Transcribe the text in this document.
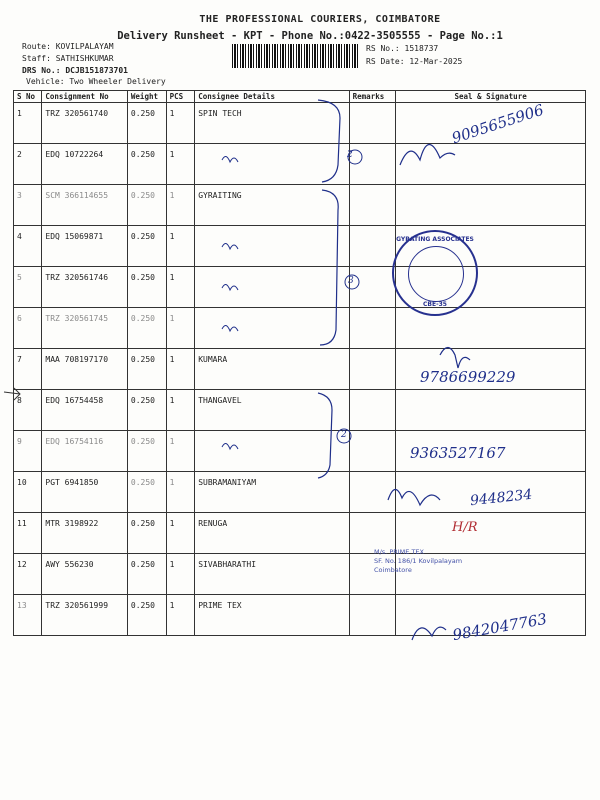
THE PROFESSIONAL COURIERS, COIMBATORE
Delivery Runsheet - KPT - Phone No.:0422-3505555 - Page No.:1
Route: KOVILPALAYAM
Staff: SATHISHKUMAR
DRS No.: DCJB151873701
Vehicle: Two Wheeler Delivery
RS No.: 1518737
RS Date: 12-Mar-2025
S No	Consignment No	Weight	PCS	Consignee Details	Remarks	Seal & Signature
1	TRZ 320561740	0.250	1	SPIN TECH		
2	EDQ 10722264	0.250	1			
3	SCM 366114655	0.250	1	GYRAITING		
4	EDQ 15069871	0.250	1			
5	TRZ 320561746	0.250	1			
6	TRZ 320561745	0.250	1			
7	MAA 708197170	0.250	1	KUMARA		
8	EDQ 16754458	0.250	1	THANGAVEL		
9	EDQ 16754116	0.250	1			
10	PGT 6941850	0.250	1	SUBRAMANIYAM		
11	MTR 3198922	0.250	1	RENUGA		
12	AWY 556230	0.250	1	SIVABHARATHI		
13	TRZ 320561999	0.250	1	PRIME TEX		
9095655906
2
3
2
9786699229
9363527167
9448234
H/R
9842047763
GYRATING ASSOCIATES
CBE-35
M/s. PRIME TEX
SF. No. 186/1 Kovilpalayam
Coimbatore
